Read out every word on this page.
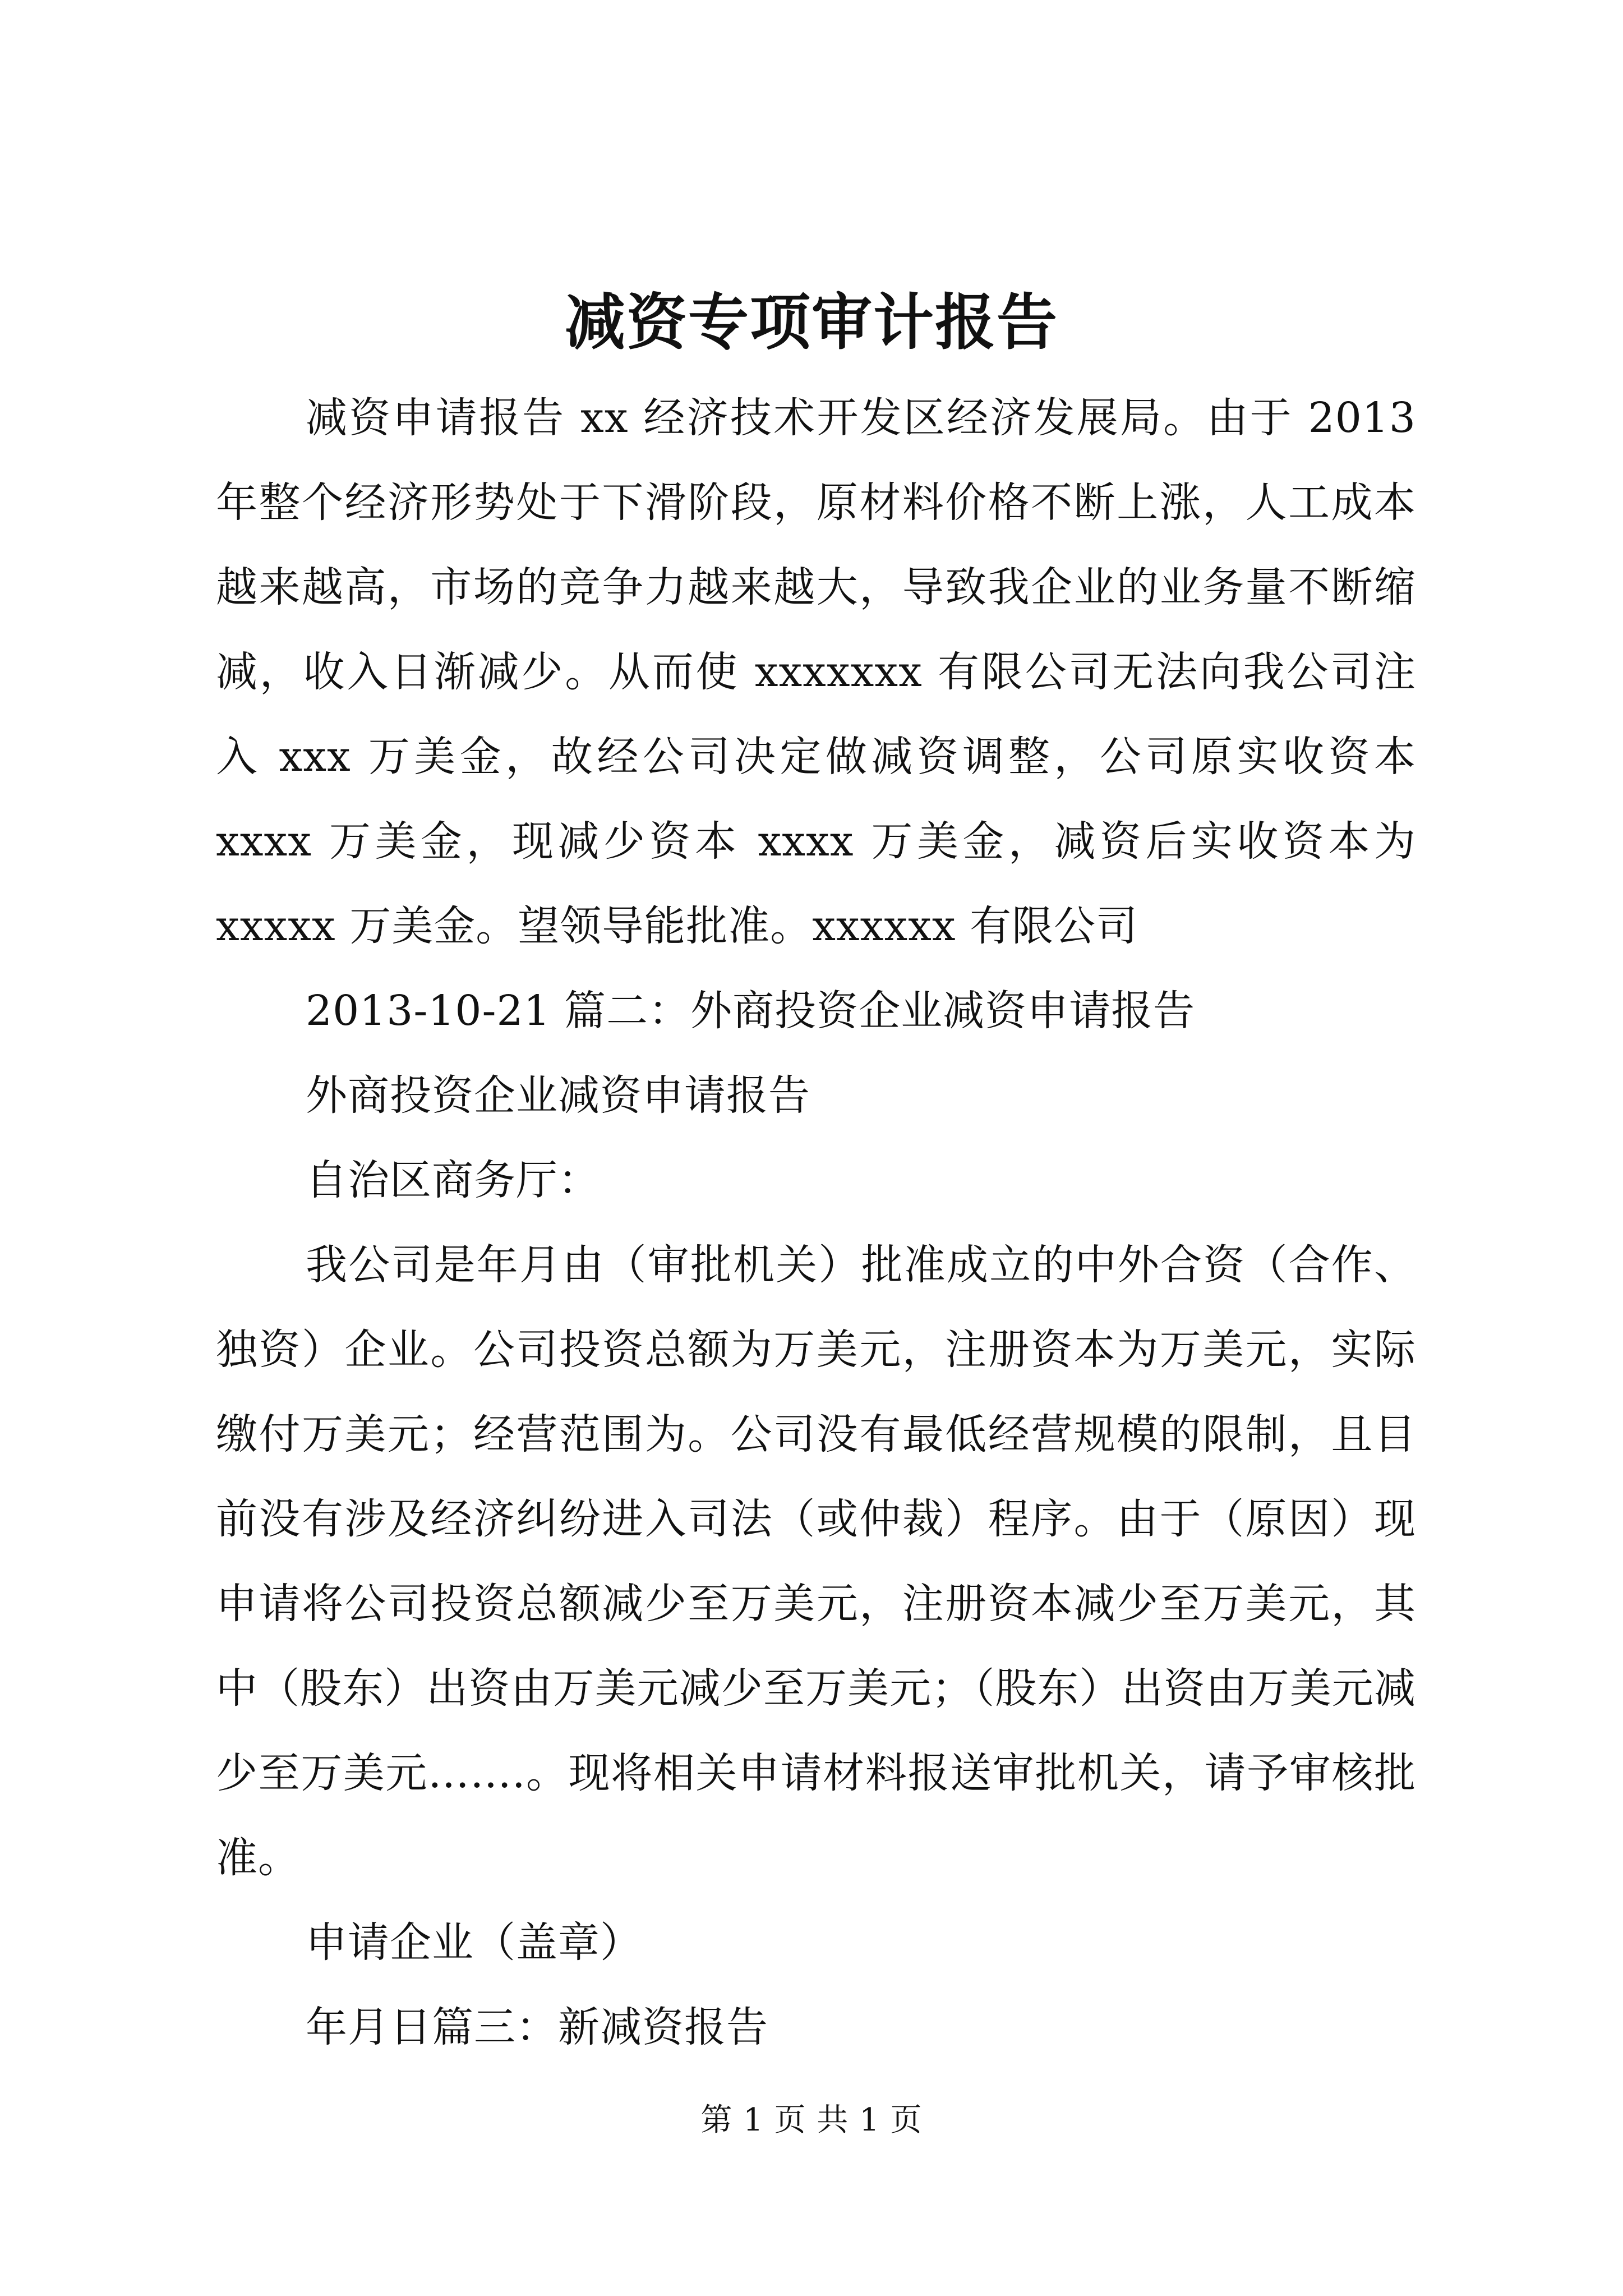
减资专项审计报告

减资申请报告 xx 经济技术开发区经济发展局。由于 2013 年整个经济形势处于下滑阶段，原材料价格不断上涨，人工成本越来越高，市场的竞争力越来越大，导致我企业的业务量不断缩减，收入日渐减少。从而使 xxxxxxx 有限公司无法向我公司注入 xxx 万美金，故经公司决定做减资调整，公司原实收资本 xxxx 万美金，现减少资本 xxxx 万美金，减资后实收资本为 xxxxx 万美金。望领导能批准。xxxxxx 有限公司

2013-10-21 篇二：外商投资企业减资申请报告

外商投资企业减资申请报告

自治区商务厅：

我公司是年月由（审批机关）批准成立的中外合资（合作、独资）企业。公司投资总额为万美元，注册资本为万美元，实际缴付万美元；经营范围为。公司没有最低经营规模的限制，且目前没有涉及经济纠纷进入司法（或仲裁）程序。由于（原因）现申请将公司投资总额减少至万美元，注册资本减少至万美元，其中（股东）出资由万美元减少至万美元；（股东）出资由万美元减少至万美元…….。现将相关申请材料报送审批机关，请予审核批准。

申请企业（盖章）

年月日篇三：新减资报告

第 1 页 共 1 页
